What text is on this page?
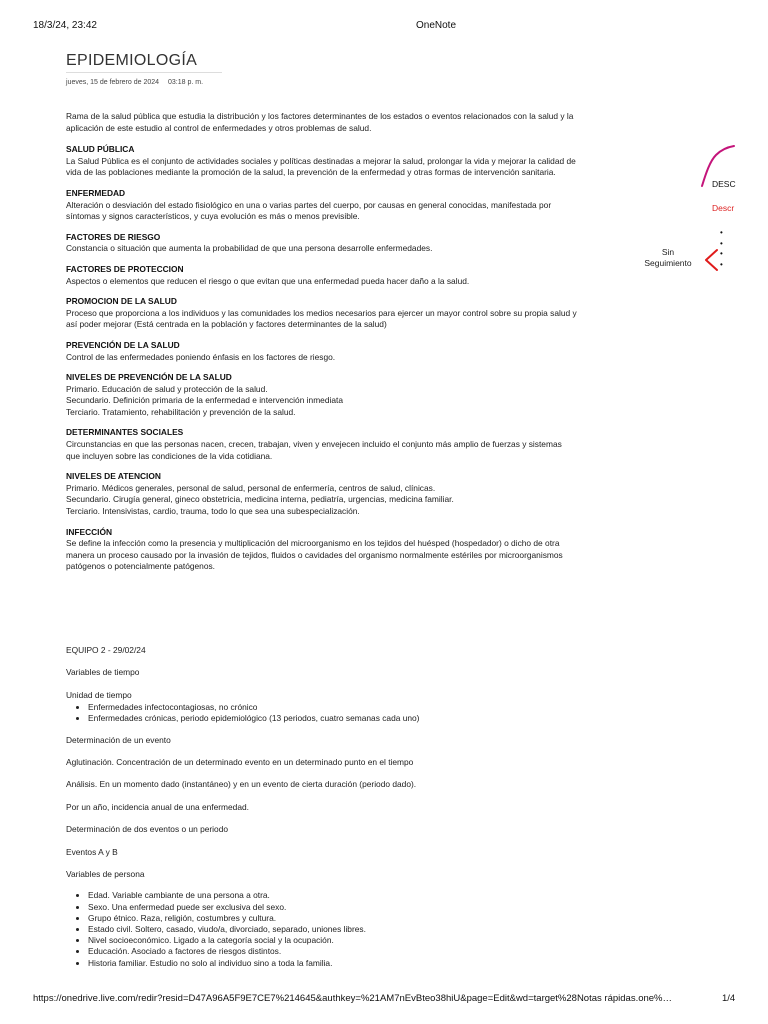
18/3/24, 23:42	OneNote
EPIDEMIOLOGÍA
jueves, 15 de febrero de 2024 03:18 p. m.

Rama de la salud pública que estudia la distribución y los factores determinantes de los estados o eventos relacionados con la salud y la aplicación de este estudio al control de enfermedades y otros problemas de salud.

SALUD PÚBLICA

La Salud Pública es el conjunto de actividades sociales y políticas destinadas a mejorar la salud, prolongar la vida y mejorar la calidad de vida de las poblaciones mediante la promoción de la salud, la prevención de la enfermedad y otras formas de intervención sanitaria.

ENFERMEDAD

Alteración o desviación del estado fisiológico en una o varias partes del cuerpo, por causas en general conocidas, manifestada por síntomas y signos característicos, y cuya evolución es más o menos previsible.

FACTORES DE RIESGO

Constancia o situación que aumenta la probabilidad de que una persona desarrolle enfermedades.

FACTORES DE PROTECCION

Aspectos o elementos que reducen el riesgo o que evitan que una enfermedad pueda hacer daño a la salud.

PROMOCION DE LA SALUD

Proceso que proporciona a los individuos y las comunidades los medios necesarios para ejercer un mayor control sobre su propia salud y así poder mejorar (Está centrada en la población y factores determinantes de la salud)

PREVENCIÓN DE LA SALUD

Control de las enfermedades poniendo énfasis en los factores de riesgo.

NIVELES DE PREVENCIÓN DE LA SALUD

Primario. Educación de salud y protección de la salud.

Secundario. Definición primaria de la enfermedad e intervención inmediata

Terciario. Tratamiento, rehabilitación y prevención de la salud.

DETERMINANTES SOCIALES

Circunstancias en que las personas nacen, crecen, trabajan, viven y envejecen incluido el conjunto más amplio de fuerzas y sistemas que incluyen sobre las condiciones de la vida cotidiana.

NIVELES DE ATENCION

Primario. Médicos generales, personal de salud, personal de enfermería, centros de salud, clínicas.

Secundario. Cirugía general, gineco obstetricia, medicina interna, pediatría, urgencias, medicina familiar.

Terciario. Intensivistas, cardio, trauma, todo lo que sea una subespecialización.

INFECCIÓN

Se define la infección como la presencia y multiplicación del microorganismo en los tejidos del huésped (hospedador) o dicho de otra manera un proceso causado por la invasión de tejidos, fluidos o cavidades del organismo normalmente estériles por microorganismos patógenos o potencialmente patógenos.

EQUIPO 2 - 29/02/24

Variables de tiempo

Unidad de tiempo

• Enfermedades infectocontagiosas, no crónico
• Enfermedades crónicas, periodo epidemiológico (13 periodos, cuatro semanas cada uno)

Determinación de un evento

Aglutinación. Concentración de un determinado evento en un determinado punto en el tiempo

Análisis. En un momento dado (instantáneo) y en un evento de cierta duración (periodo dado).

Por un año, incidencia anual de una enfermedad.

Determinación de dos eventos o un periodo

Eventos A y B

Variables de persona

• Edad. Variable cambiante de una persona a otra.
• Sexo. Una enfermedad puede ser exclusiva del sexo.
• Grupo étnico. Raza, religión, costumbres y cultura.
• Estado civil. Soltero, casado, viudo/a, divorciado, separado, uniones libres.
• Nivel socioeconómico. Ligado a la categoría social y la ocupación.
• Educación. Asociado a factores de riesgos distintos.
• Historia familiar. Estudio no solo al individuo sino a toda la familia.
DESC
Descr
Sin Seguimiento
•
•
•
•
https://onedrive.live.com/redir?resid=D47A96A5F9E7CE7%214645&authkey=%21AM7nEvBteo38hiU&page=Edit&wd=target%28Notas rápidas.one%…	1/4
